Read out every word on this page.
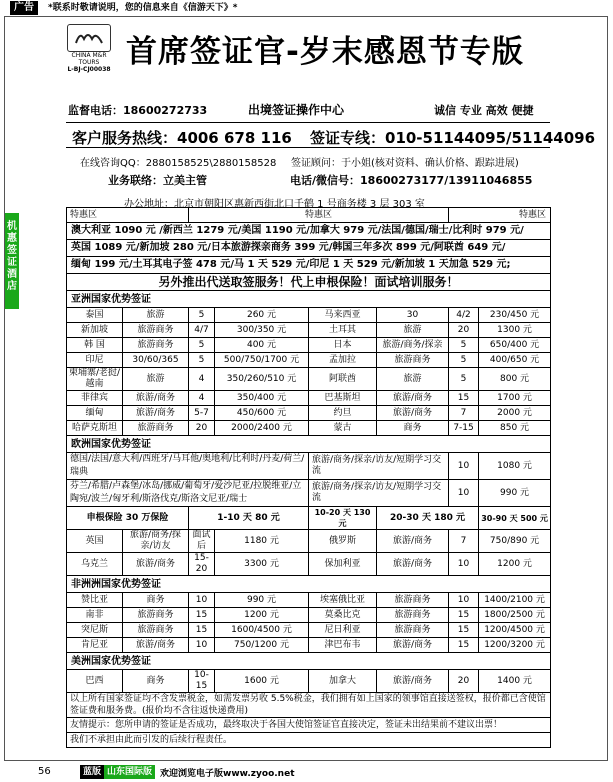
广告	*联系时敬请说明，您的信息来自《信游天下》*
机惠签证酒店
CHINA M&R TOURS
L-BJ-CJ00038 首席签证官-岁末感恩节专版
监督电话：18600272733	出境签证操作中心	诚信 专业 高效 便捷
客户服务热线：4006 678 116 签证专线：010-51144095/51144096
在线咨询QQ：2880158525\2880158528 签证顾问：于小姐(核对资料、确认价格、跟踪进展)
业务联络：立美主管	电话/微信号：18600273177/13911046855
办公地址：北京市朝阳区惠新西街北口千鹤 1 号商务楼 3 层 303 室
特惠区		特惠区				特惠区	
澳大利亚 1090 元 /新西兰 1279 元/美国 1190 元/加拿大 979 元/法国/德国/瑞士/比利时 979 元/							
英国 1089 元/新加坡 280 元/日本旅游探亲商务 399 元/韩国三年多次 899 元/阿联酋 649 元/							
缅甸 199 元/土耳其电子签 478 元/马 1 天 529 元/印尼 1 天 529 元/新加坡 1 天加急 529 元;							
另外推出代送取签服务！代上申根保险！面试培训服务！							
亚洲国家优势签证							
泰国	旅游	5	260 元	马来西亚	30	4/2	230/450 元
新加坡	旅游商务	4/7	300/350 元	土耳其	旅游	20	1300 元
韩 国	旅游商务	5	400 元	日本	旅游/商务/探亲	5	650/400 元
印尼	30/60/365	5	500/750/1700 元	孟加拉	旅游商务	5	400/650 元
柬埔寨/老挝/越南	旅游	4	350/260/510 元	阿联酋	旅游	5	800 元
菲律宾	旅游/商务	4	350/400 元	巴基斯坦	旅游/商务	15	1700 元
缅甸	旅游/商务	5-7	450/600 元	约旦	旅游/商务	7	2000 元
哈萨克斯坦	旅游商务	20	2000/2400 元	蒙古	商务	7-15	850 元
欧洲国家优势签证							
德国/法国/意大利/西班牙/马耳他/奥地利/比利时/丹麦/荷兰/瑞典				旅游/商务/探亲/访友/短期学习交流		10	1080 元
芬兰/希腊/卢森堡/冰岛/挪威/葡萄牙/爱沙尼亚/拉脱维亚/立陶宛/波兰/匈牙利/斯洛伐克/斯洛文尼亚/瑞士				旅游/商务/探亲/访友/短期学习交流		10	990 元
申根保险 30 万保险		1-10 天 80 元		10-20 天 130 元	20-30 天 180 元		30-90 天 500 元
英国	旅游/商务/探亲/访友	面试后	1180 元	俄罗斯	旅游/商务	7	750/890 元
乌克兰	旅游/商务	15-20	3300 元	保加利亚	旅游/商务	10	1200 元
非洲洲国家优势签证							
赞比亚	商务	10	990 元	埃塞俄比亚	旅游商务	10	1400/2100 元
南非	旅游商务	15	1200 元	莫桑比克	旅游商务	15	1800/2500 元
突尼斯	旅游商务	15	1600/4500 元	尼日利亚	旅游商务	15	1200/4500 元
肯尼亚	旅游/商务	10	750/1200 元	津巴布韦	旅游/商务	15	1200/3200 元
美洲国家优势签证							
巴西	商务	10-15	1600 元	加拿大	旅游/商务	20	1400 元
以上所有国家签证均不含发票税金，如需发票另收 5.5%税金，我们拥有如上国家的领事馆直接送签权，报价都已含使馆签证费和服务费。(报价均不含往返快递费用)							
友情提示：您所申请的签证是否成功，最终取决于各国大使馆签证官直接决定，签证未出结果前不建议出票！							
我们不承担由此而引发的后续行程责任。							
56	蓝版 山东国际版 欢迎浏览电子版www.zyoo.net
